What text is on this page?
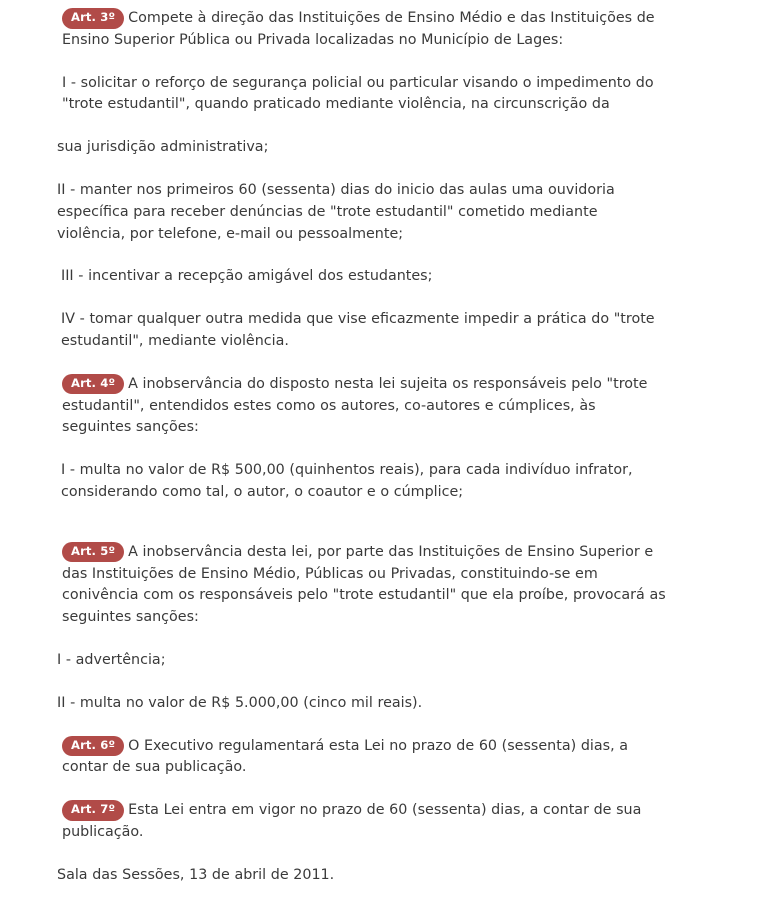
Art. 3º Compete à direção das Instituições de Ensino Médio e das Instituições de Ensino Superior Pública ou Privada localizadas no Município de Lages:

I - solicitar o reforço de segurança policial ou particular visando o impedimento do "trote estudantil", quando praticado mediante violência, na circunscrição da

sua jurisdição administrativa;

II - manter nos primeiros 60 (sessenta) dias do inicio das aulas uma ouvidoria específica para receber denúncias de "trote estudantil" cometido mediante violência, por telefone, e-mail ou pessoalmente;

III - incentivar a recepção amigável dos estudantes;

IV - tomar qualquer outra medida que vise eficazmente impedir a prática do "trote estudantil", mediante violência.

Art. 4º A inobservância do disposto nesta lei sujeita os responsáveis pelo "trote estudantil", entendidos estes como os autores, co-autores e cúmplices, às seguintes sanções:

I - multa no valor de R$ 500,00 (quinhentos reais), para cada indivíduo infrator, considerando como tal, o autor, o coautor e o cúmplice;

Art. 5º A inobservância desta lei, por parte das Instituições de Ensino Superior e das Instituições de Ensino Médio, Públicas ou Privadas, constituindo-se em conivência com os responsáveis pelo "trote estudantil" que ela proíbe, provocará as seguintes sanções:

I - advertência;

II - multa no valor de R$ 5.000,00 (cinco mil reais).

Art. 6º O Executivo regulamentará esta Lei no prazo de 60 (sessenta) dias, a contar de sua publicação.

Art. 7º Esta Lei entra em vigor no prazo de 60 (sessenta) dias, a contar de sua publicação.

Sala das Sessões, 13 de abril de 2011.
